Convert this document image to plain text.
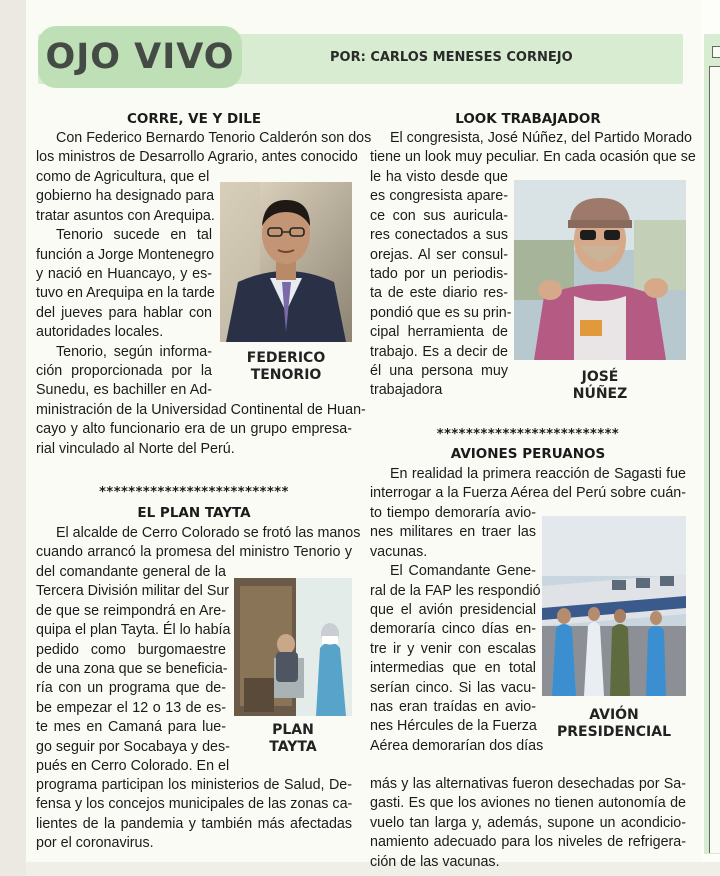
OJO VIVO	POR: CARLOS MENESES CORNEJO
CORRE, VE Y DILE
Con Federico Bernardo Tenorio Calderón son dos
los ministros de Desarrollo Agrario, antes conocido
como de Agricultura, que el
gobierno ha designado para
tratar asuntos con Arequipa.
Tenorio sucede en tal
función a Jorge Montenegro
y nació en Huancayo, y es-
tuvo en Arequipa en la tarde
del jueves para hablar con
autoridades locales.
Tenorio, según informa-
ción proporcionada por la
Sunedu, es bachiller en Ad-
ministración de la Universidad Continental de Huan-
cayo y alto funcionario era de un grupo empresa-
rial vinculado al Norte del Perú.
FEDERICO
TENORIO
**************************
EL PLAN TAYTA
El alcalde de Cerro Colorado se frotó las manos
cuando arrancó la promesa del ministro Tenorio y
del comandante general de la
Tercera División militar del Sur
de que se reimpondrá en Are-
quipa el plan Tayta. Él lo había
pedido como burgomaestre
de una zona que se beneficia-
ría con un programa que de-
be empezar el 12 o 13 de es-
te mes en Camaná para lue-
go seguir por Socabaya y des-
pués en Cerro Colorado. En el
programa participan los ministerios de Salud, De-
fensa y los concejos municipales de las zonas ca-
lientes de la pandemia y también más afectadas
por el coronavirus.
PLAN
TAYTA
LOOK TRABAJADOR
El congresista, José Núñez, del Partido Morado
tiene un look muy peculiar. En cada ocasión que se
le ha visto desde que
es congresista apare-
ce con sus auricula-
res conectados a sus
orejas. Al ser consul-
tado por un periodis-
ta de este diario res-
pondió que es su prin-
cipal herramienta de
trabajo. Es a decir de
él una persona muy
trabajadora
JOSÉ
NÚÑEZ
*************************
AVIONES PERUANOS
En realidad la primera reacción de Sagasti fue
interrogar a la Fuerza Aérea del Perú sobre cuán-
to tiempo demoraría avio-
nes militares en traer las
vacunas.
El Comandante Gene-
ral de la FAP les respondió
que el avión presidencial
demoraría cinco días en-
tre ir y venir con escalas
intermedias que en total
serían cinco. Si las vacu-
nas eran traídas en avio-
nes Hércules de la Fuerza
Aérea demorarían dos días
más y las alternativas fueron desechadas por Sa-
gasti. Es que los aviones no tienen autonomía de
vuelo tan larga y, además, supone un acondicio-
namiento adecuado para los niveles de refrigera-
ción de las vacunas.
AVIÓN
PRESIDENCIAL
